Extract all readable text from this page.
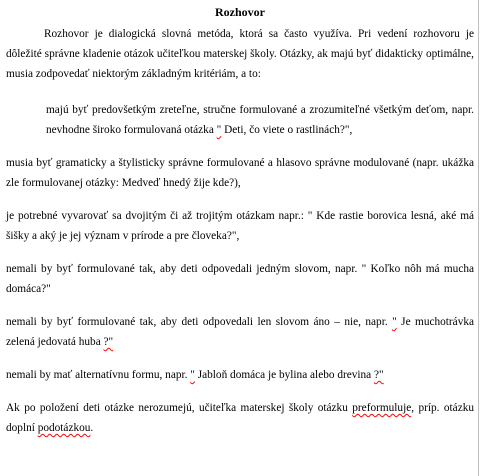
Rozhovor

Rozhovor je dialogická slovná metóda, ktorá sa často využíva. Pri vedení rozhovoru je dôležité správne kladenie otázok učiteľkou materskej školy. Otázky, ak majú byť didakticky optimálne, musia zodpovedať niektorým základným kritériám, a to:

majú byť predovšetkým zreteľne, stručne formulované a zrozumiteľné všetkým deťom, napr. nevhodne široko formulovaná otázka " Deti, čo viete o rastlinách?",

musia byť gramaticky a štylisticky správne formulované a hlasovo správne modulované (napr. ukážka zle formulovanej otázky: Medveď hnedý žije kde?),

je potrebné vyvarovať sa dvojitým či až trojitým otázkam napr.: " Kde rastie borovica lesná, aké má šišky a aký je jej význam v prírode a pre človeka?",

nemali by byť formulované tak, aby deti odpovedali jedným slovom, napr. " Koľko nôh má mucha domáca?"

nemali by byť formulované tak, aby deti odpovedali len slovom áno – nie, napr. " Je muchotrávka zelená jedovatá huba ?"

nemali by mať alternatívnu formu, napr. " Jabloň domáca je bylina alebo drevina ?"

Ak po položení deti otázke nerozumejú, učiteľka materskej školy otázku preformuluje, príp. otázku doplní podotázkou.
